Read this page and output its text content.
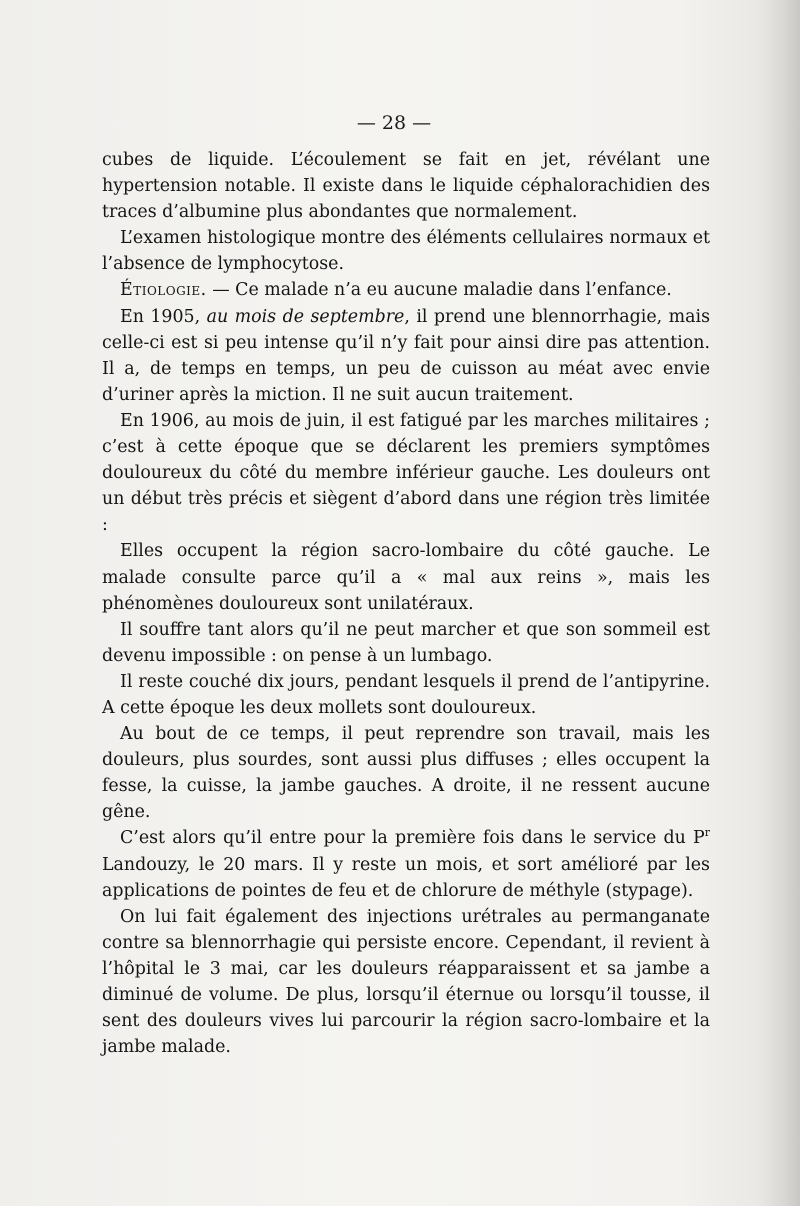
— 28 —

cubes de liquide. L’écoulement se fait en jet, révélant une hypertension notable. Il existe dans le liquide céphalorachidien des traces d’albumine plus abondantes que normalement.

L’examen histologique montre des éléments cellulaires normaux et l’absence de lymphocytose.

Étiologie. — Ce malade n’a eu aucune maladie dans l’enfance.

En 1905, au mois de septembre, il prend une blennorrhagie, mais celle-ci est si peu intense qu’il n’y fait pour ainsi dire pas attention. Il a, de temps en temps, un peu de cuisson au méat avec envie d’uriner après la miction. Il ne suit aucun traitement.

En 1906, au mois de juin, il est fatigué par les marches militaires ; c’est à cette époque que se déclarent les premiers symptômes douloureux du côté du membre inférieur gauche. Les douleurs ont un début très précis et siègent d’abord dans une région très limitée :

Elles occupent la région sacro-lombaire du côté gauche. Le malade consulte parce qu’il a « mal aux reins », mais les phénomènes douloureux sont unilatéraux.

Il souffre tant alors qu’il ne peut marcher et que son sommeil est devenu impossible : on pense à un lumbago.

Il reste couché dix jours, pendant lesquels il prend de l’antipyrine. A cette époque les deux mollets sont douloureux.

Au bout de ce temps, il peut reprendre son travail, mais les douleurs, plus sourdes, sont aussi plus diffuses ; elles occupent la fesse, la cuisse, la jambe gauches. A droite, il ne ressent aucune gêne.

C’est alors qu’il entre pour la première fois dans le service du $P^r$ Landouzy, le 20 mars. Il y reste un mois, et sort amélioré par les applications de pointes de feu et de chlorure de méthyle (stypage).

On lui fait également des injections urétrales au permanganate contre sa blennorrhagie qui persiste encore. Cependant, il revient à l’hôpital le 3 mai, car les douleurs réapparaissent et sa jambe a diminué de volume. De plus, lorsqu’il éternue ou lorsqu’il tousse, il sent des douleurs vives lui parcourir la région sacro-lombaire et la jambe malade.
